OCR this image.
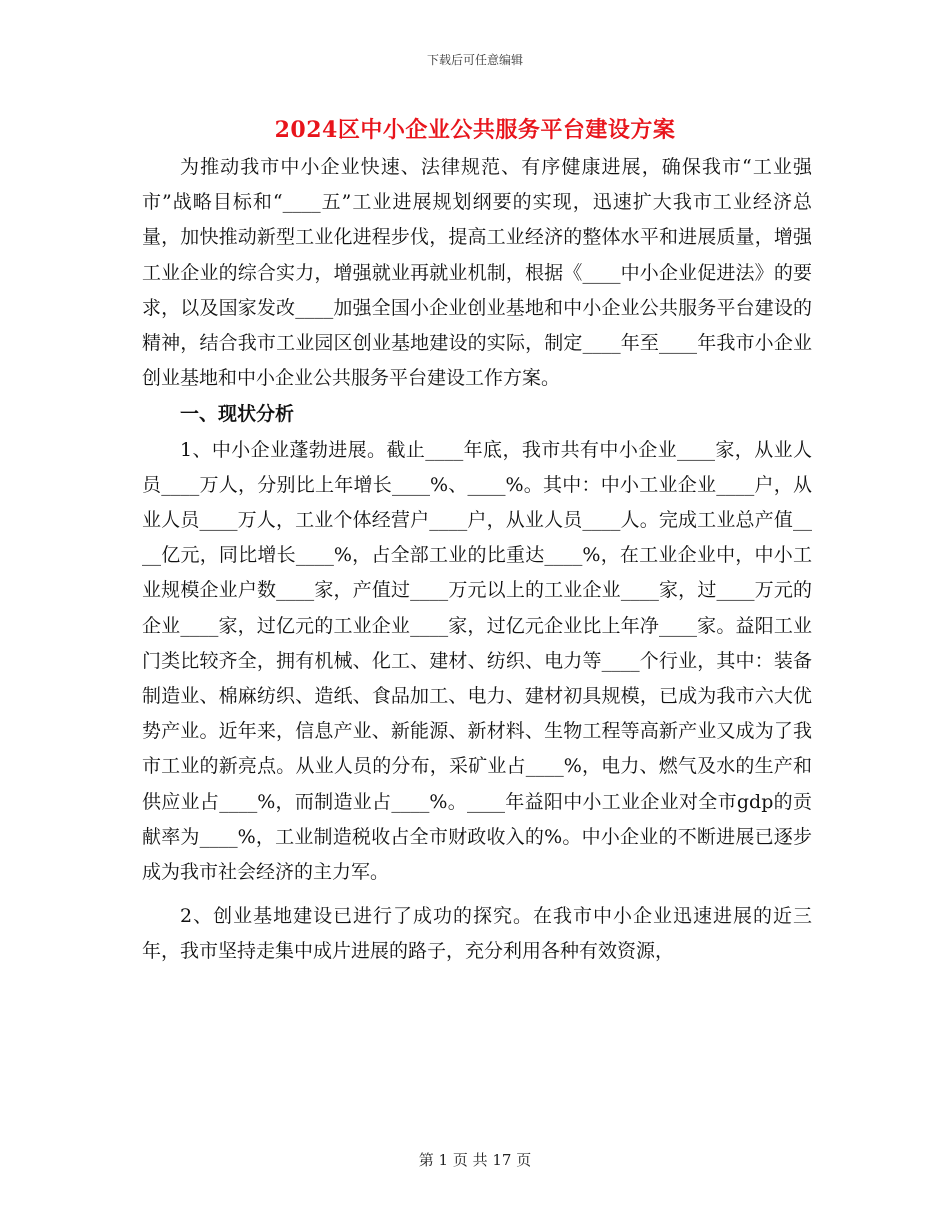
下载后可任意编辑
2024区中小企业公共服务平台建设方案

为推动我市中小企业快速、法律规范、有序健康进展，确保我市“工业强市”战略目标和“____五”工业进展规划纲要的实现，迅速扩大我市工业经济总量，加快推动新型工业化进程步伐，提高工业经济的整体水平和进展质量，增强工业企业的综合实力，增强就业再就业机制，根据《____中小企业促进法》的要求，以及国家发改____加强全国小企业创业基地和中小企业公共服务平台建设的精神，结合我市工业园区创业基地建设的实际，制定____年至____年我市小企业创业基地和中小企业公共服务平台建设工作方案。

一、现状分析

1、中小企业蓬勃进展。截止____年底，我市共有中小企业____家，从业人员____万人，分别比上年增长____%、____%。其中：中小工业企业____户，从业人员____万人，工业个体经营户____户，从业人员____人。完成工业总产值____亿元，同比增长____%，占全部工业的比重达____%，在工业企业中，中小工业规模企业户数____家，产值过____万元以上的工业企业____家，过____万元的企业____家，过亿元的工业企业____家，过亿元企业比上年净____家。益阳工业门类比较齐全，拥有机械、化工、建材、纺织、电力等____个行业，其中：装备制造业、棉麻纺织、造纸、食品加工、电力、建材初具规模，已成为我市六大优势产业。近年来，信息产业、新能源、新材料、生物工程等高新产业又成为了我市工业的新亮点。从业人员的分布，采矿业占____%，电力、燃气及水的生产和供应业占____%，而制造业占____%。____年益阳中小工业企业对全市gdp的贡献率为____%，工业制造税收占全市财政收入的%。中小企业的不断进展已逐步成为我市社会经济的主力军。

2、创业基地建设已进行了成功的探究。在我市中小企业迅速进展的近三年，我市坚持走集中成片进展的路子，充分利用各种有效资源，

第 1 页 共 17 页
